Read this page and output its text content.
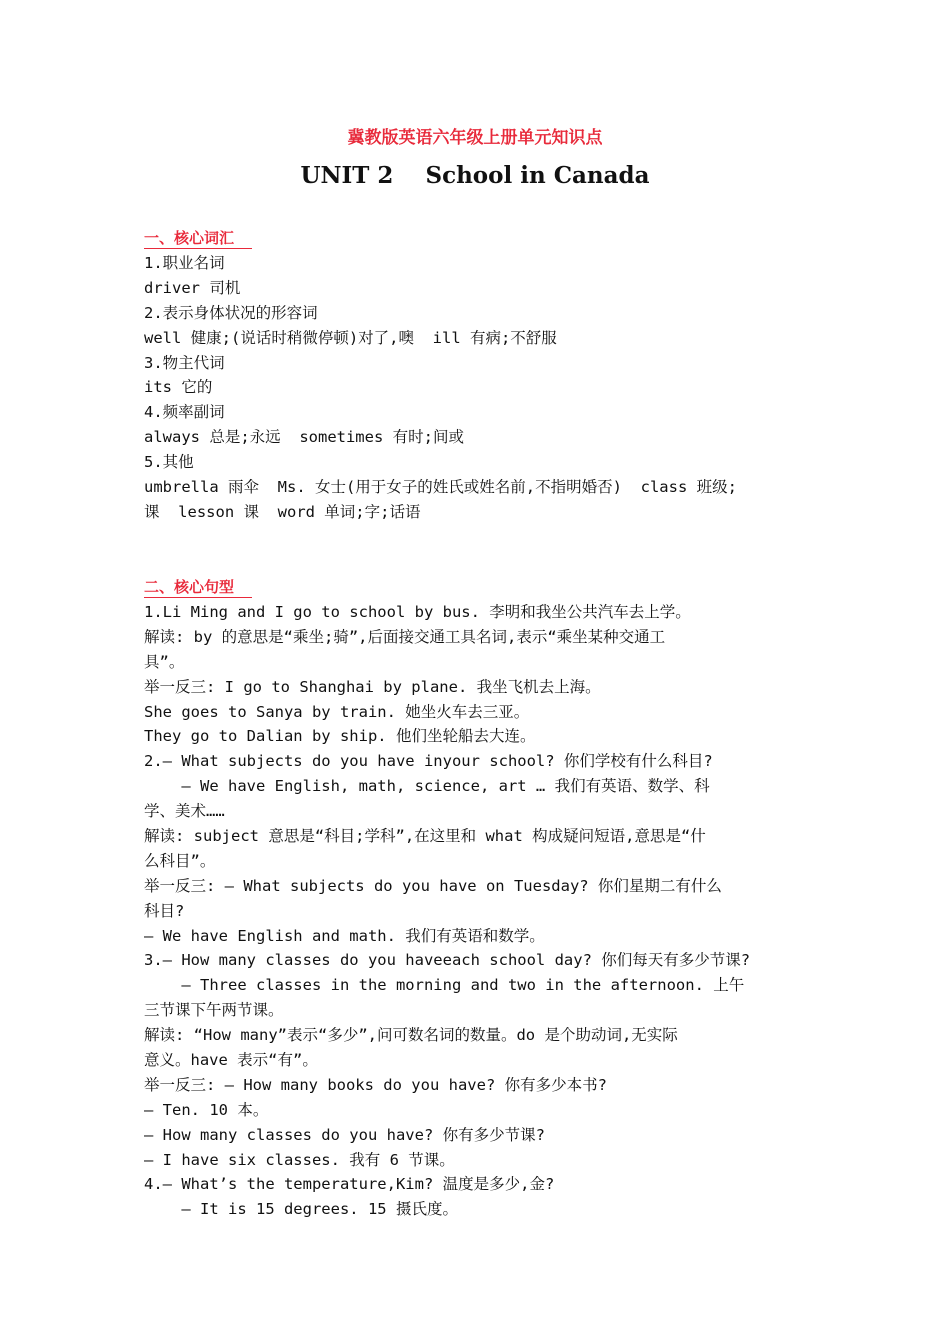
冀教版英语六年级上册单元知识点
UNIT 2    School in Canada
一、核心词汇
1.职业名词
driver 司机
2.表示身体状况的形容词
well 健康;(说话时稍微停顿)对了,噢  ill 有病;不舒服
3.物主代词
its 它的
4.频率副词
always 总是;永远  sometimes 有时;间或
5.其他
umbrella 雨伞  Ms. 女士(用于女子的姓氏或姓名前,不指明婚否)  class 班级;
课  lesson 课  word 单词;字;话语
二、核心句型
1.Li Ming and I go to school by bus. 李明和我坐公共汽车去上学。
解读: by 的意思是“乘坐;骑”,后面接交通工具名词,表示“乘坐某种交通工
具”。
举一反三: I go to Shanghai by plane. 我坐飞机去上海。
She goes to Sanya by train. 她坐火车去三亚。
They go to Dalian by ship. 他们坐轮船去大连。
2.— What subjects do you have inyour school? 你们学校有什么科目?
— We have English, math, science, art … 我们有英语、数学、科
学、美术……
解读: subject 意思是“科目;学科”,在这里和 what 构成疑问短语,意思是“什
么科目”。
举一反三: — What subjects do you have on Tuesday? 你们星期二有什么
科目?
— We have English and math. 我们有英语和数学。
3.— How many classes do you haveeach school day? 你们每天有多少节课?
— Three classes in the morning and two in the afternoon. 上午
三节课下午两节课。
解读: “How many”表示“多少”,问可数名词的数量。do 是个助动词,无实际
意义。have 表示“有”。
举一反三: — How many books do you have? 你有多少本书?
— Ten. 10 本。
— How many classes do you have? 你有多少节课?
— I have six classes. 我有 6 节课。
4.— What’s the temperature,Kim? 温度是多少,金?
— It is 15 degrees. 15 摄氏度。
